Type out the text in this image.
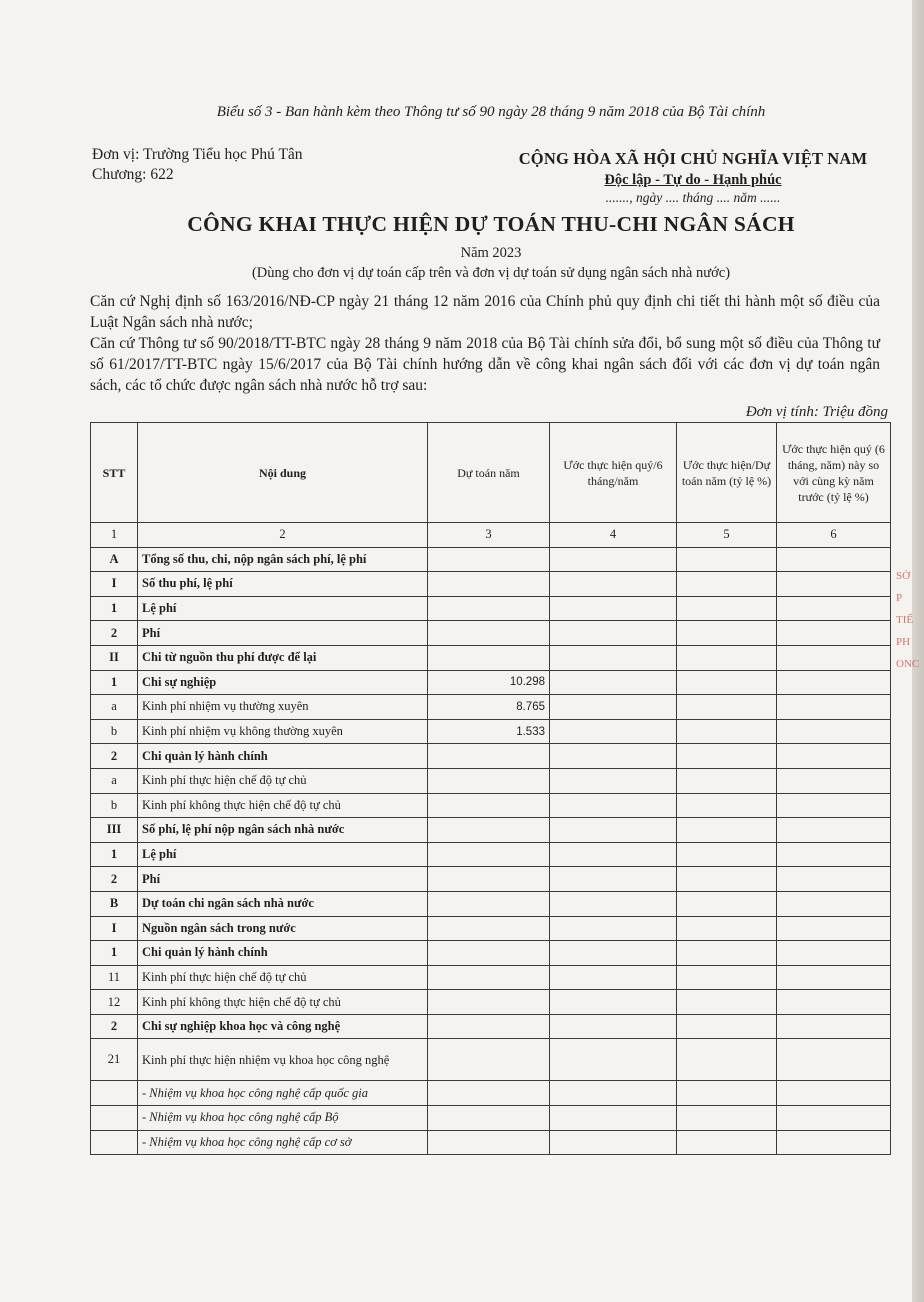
SỞ
P
TIỂ
PH
ONC
Biểu số 3 - Ban hành kèm theo Thông tư số 90 ngày 28 tháng 9 năm 2018 của Bộ Tài chính
Đơn vị: Trường Tiểu học Phú Tân
Chương: 622
CỘNG HÒA XÃ HỘI CHỦ NGHĨA VIỆT NAM
Độc lập - Tự do - Hạnh phúc
......., ngày .... tháng .... năm ......
CÔNG KHAI THỰC HIỆN DỰ TOÁN THU-CHI NGÂN SÁCH
Năm 2023
(Dùng cho đơn vị dự toán cấp trên và đơn vị dự toán sử dụng ngân sách nhà nước)
Căn cứ Nghị định số 163/2016/NĐ-CP ngày 21 tháng 12 năm 2016 của Chính phủ quy định chi tiết thi hành một số điều của Luật Ngân sách nhà nước;
Căn cứ Thông tư số 90/2018/TT-BTC ngày 28 tháng 9 năm 2018 của Bộ Tài chính sửa đổi, bổ sung một số điều của Thông tư số 61/2017/TT-BTC ngày 15/6/2017 của Bộ Tài chính hướng dẫn về công khai ngân sách đối với các đơn vị dự toán ngân sách, các tổ chức được ngân sách nhà nước hỗ trợ sau:
Đơn vị tính: Triệu đồng
STT	Nội dung	Dự toán năm	Ước thực hiện quý/6 tháng/năm	Ước thực hiện/Dự toán năm (tỷ lệ %)	Ước thực hiện quý (6 tháng, năm) này so với cùng kỳ năm trước (tỷ lệ %)
1	2	3	4	5	6
A	Tổng số thu, chi, nộp ngân sách phí, lệ phí				
I	Số thu phí, lệ phí				
1	Lệ phí				
2	Phí				
II	Chi từ nguồn thu phí được để lại				
1	Chi sự nghiệp	10.298			
a	Kinh phí nhiệm vụ thường xuyên	8.765			
b	Kinh phí nhiệm vụ không thường xuyên	1.533			
2	Chi quản lý hành chính				
a	Kinh phí thực hiện chế độ tự chủ				
b	Kinh phí không thực hiện chế độ tự chủ				
III	Số phí, lệ phí nộp ngân sách nhà nước				
1	Lệ phí				
2	Phí				
B	Dự toán chi ngân sách nhà nước				
I	Nguồn ngân sách trong nước				
1	Chi quản lý hành chính				
11	Kinh phí thực hiện chế độ tự chủ				
12	Kinh phí không thực hiện chế độ tự chủ				
2	Chi sự nghiệp khoa học và công nghệ				
21	Kinh phí thực hiện nhiệm vụ khoa học công nghệ				
	- Nhiệm vụ khoa học công nghệ cấp quốc gia				
	- Nhiệm vụ khoa học công nghệ cấp Bộ				
	- Nhiệm vụ khoa học công nghệ cấp cơ sở				
